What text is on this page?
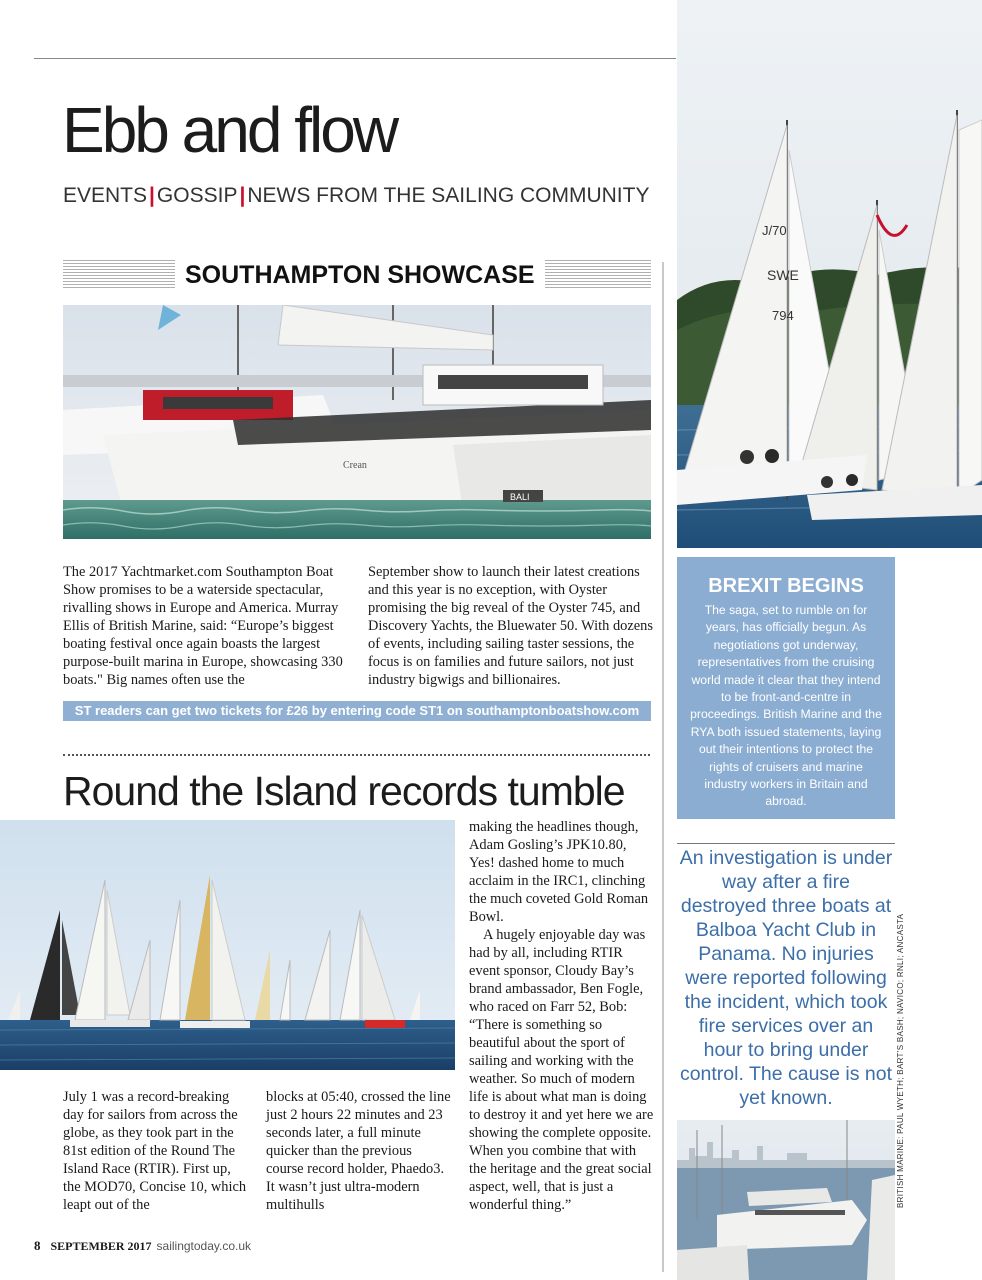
J/70
SWE
794
Ebb and flow
EVENTS|GOSSIP|NEWS FROM THE SAILING COMMUNITY
SOUTHAMPTON SHOWCASE
Crean
BALI

The 2017 Yachtmarket.com Southampton Boat Show promises to be a waterside spectacular, rivalling shows in Europe and America. Murray Ellis of British Marine, said: “Europe’s biggest boating festival once again boasts the largest purpose-built marina in Europe, showcasing 330 boats." Big names often use the

September show to launch their latest creations and this year is no exception, with Oyster promising the big reveal of the Oyster 745, and Discovery Yachts, the Bluewater 50. With dozens of events, including sailing taster sessions, the focus is on families and future sailors, not just industry bigwigs and billionaires.

ST readers can get two tickets for £26 by entering code ST1 on southamptonboatshow.com
Round the Island records tumble

July 1 was a record-breaking day for sailors from across the globe, as they took part in the 81st edition of the Round The Island Race (RTIR). First up, the MOD70, Concise 10, which leapt out of the

blocks at 05:40, crossed the line just 2 hours 22 minutes and 23 seconds later, a full minute quicker than the previous course record holder, Phaedo3. It wasn’t just ultra-modern multihulls

making the headlines though, Adam Gosling’s JPK10.80, Yes! dashed home to much acclaim in the IRC1, clinching the much coveted Gold Roman Bowl.

A hugely enjoyable day was had by all, including RTIR event sponsor, Cloudy Bay’s brand ambassador, Ben Fogle, who raced on Farr 52, Bob: “There is something so beautiful about the sport of sailing and working with the weather. So much of modern life is about what man is doing to destroy it and yet here we are showing the complete opposite. When you combine that with the heritage and the great social aspect, well, that is just a wonderful thing.”

BREXIT BEGINS
The saga, set to rumble on for years, has officially begun. As negotiations got underway, representatives from the cruising world made it clear that they intend to be front-and-centre in proceedings. British Marine and the RYA both issued statements, laying out their intentions to protect the rights of cruisers and marine industry workers in Britain and abroad.
An investigation is under way after a fire destroyed three boats at Balboa Yacht Club in Panama. No injuries were reported following the incident, which took fire services over an hour to bring under control. The cause is not yet known.	BRITISH MARINE: PAUL WYETH; BART’S BASH; NAVICO; RNLI; ANCASTA
8 SEPTEMBER 2017 sailingtoday.co.uk
